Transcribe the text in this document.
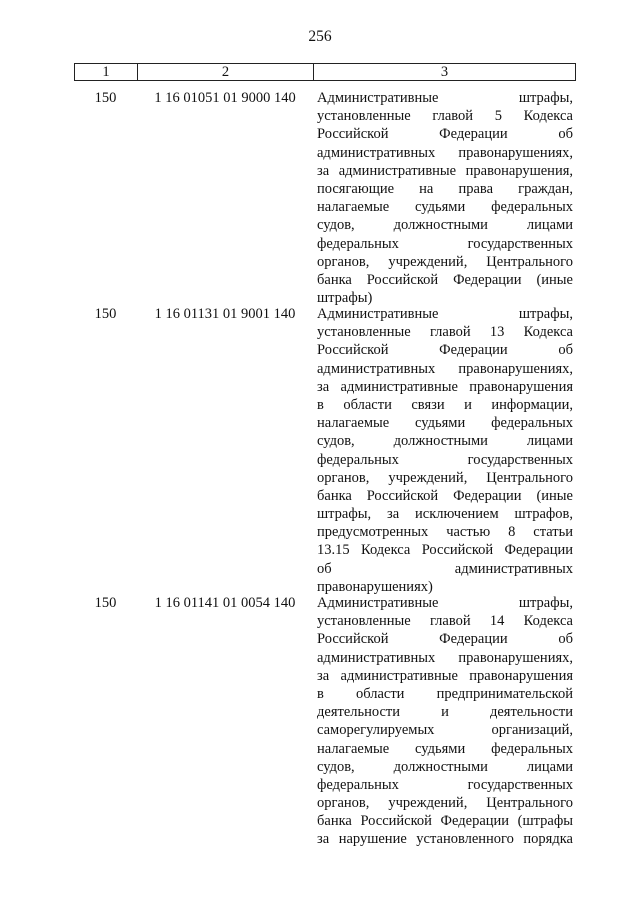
256
1	2	3
150	1 16 01051 01 9000 140	Административные штрафы,
установленные главой 5 Кодекса
Российской Федерации об
административных правонарушениях,
за административные правонарушения,
посягающие на права граждан,
налагаемые судьями федеральных
судов, должностными лицами
федеральных государственных
органов, учреждений, Центрального
банка Российской Федерации (иные
штрафы)
150	1 16 01131 01 9001 140	Административные штрафы,
установленные главой 13 Кодекса
Российской Федерации об
административных правонарушениях,
за административные правонарушения
в области связи и информации,
налагаемые судьями федеральных
судов, должностными лицами
федеральных государственных
органов, учреждений, Центрального
банка Российской Федерации (иные
штрафы, за исключением штрафов,
предусмотренных частью 8 статьи
13.15 Кодекса Российской Федерации
об административных
правонарушениях)
150	1 16 01141 01 0054 140	Административные штрафы,
установленные главой 14 Кодекса
Российской Федерации об
административных правонарушениях,
за административные правонарушения
в области предпринимательской
деятельности и деятельности
саморегулируемых организаций,
налагаемые судьями федеральных
судов, должностными лицами
федеральных государственных
органов, учреждений, Центрального
банка Российской Федерации (штрафы
за нарушение установленного порядка
